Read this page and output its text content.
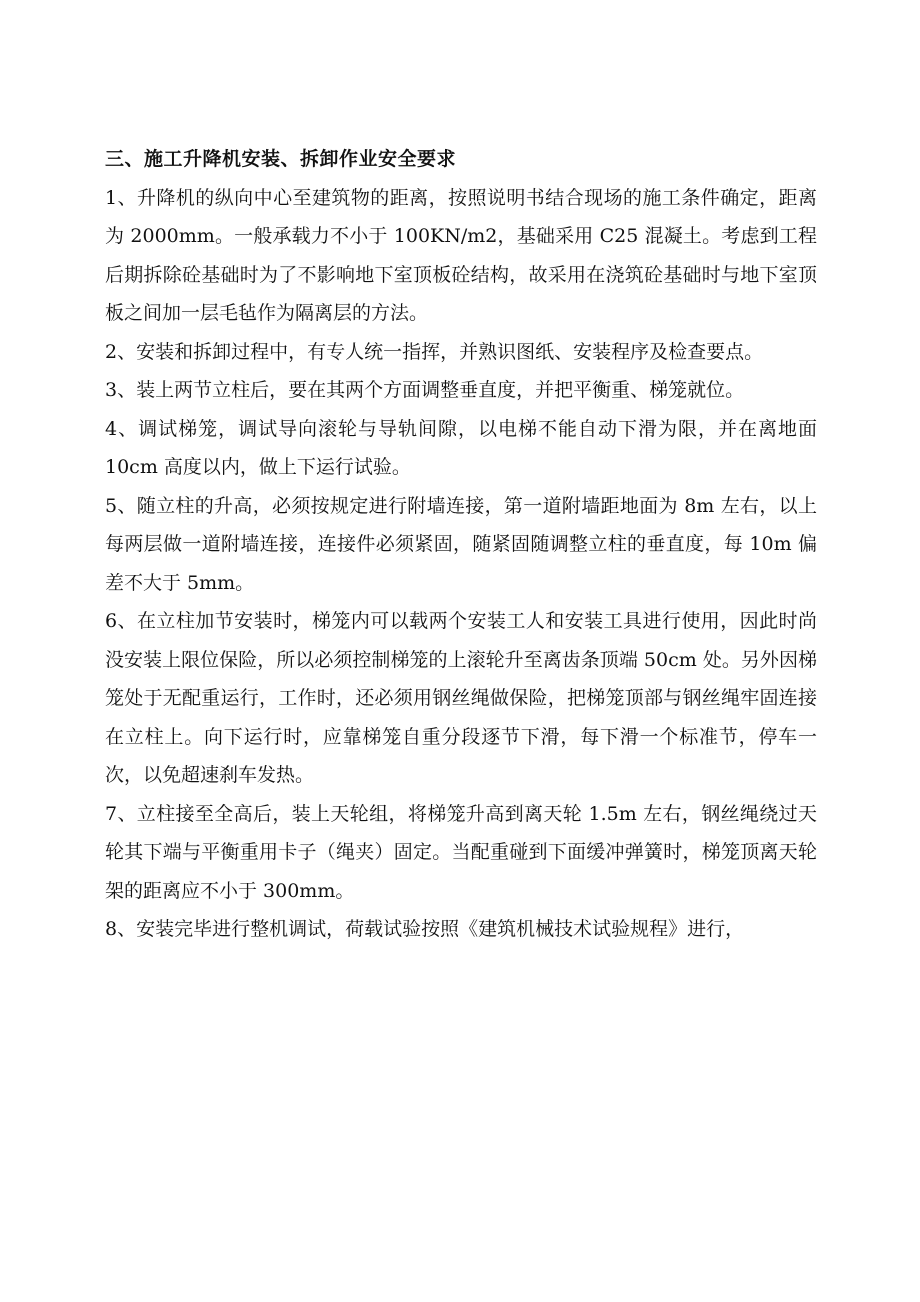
三、施工升降机安装、拆卸作业安全要求

1、升降机的纵向中心至建筑物的距离，按照说明书结合现场的施工条件确定，距离为 2000mm。一般承载力不小于 100KN/m2，基础采用 C25 混凝土。考虑到工程后期拆除砼基础时为了不影响地下室顶板砼结构，故采用在浇筑砼基础时与地下室顶板之间加一层毛毡作为隔离层的方法。

2、安装和拆卸过程中，有专人统一指挥，并熟识图纸、安装程序及检查要点。

3、装上两节立柱后，要在其两个方面调整垂直度，并把平衡重、梯笼就位。

4、调试梯笼，调试导向滚轮与导轨间隙，以电梯不能自动下滑为限，并在离地面 10cm 高度以内，做上下运行试验。

5、随立柱的升高，必须按规定进行附墙连接，第一道附墙距地面为 8m 左右，以上每两层做一道附墙连接，连接件必须紧固，随紧固随调整立柱的垂直度，每 10m 偏差不大于 5mm。

6、在立柱加节安装时，梯笼内可以载两个安装工人和安装工具进行使用，因此时尚没安装上限位保险，所以必须控制梯笼的上滚轮升至离齿条顶端 50cm 处。另外因梯笼处于无配重运行，工作时，还必须用钢丝绳做保险，把梯笼顶部与钢丝绳牢固连接在立柱上。向下运行时，应靠梯笼自重分段逐节下滑，每下滑一个标准节，停车一次，以免超速刹车发热。

7、立柱接至全高后，装上天轮组，将梯笼升高到离天轮 1.5m 左右，钢丝绳绕过天轮其下端与平衡重用卡子（绳夹）固定。当配重碰到下面缓冲弹簧时，梯笼顶离天轮架的距离应不小于 300mm。

8、安装完毕进行整机调试，荷载试验按照《建筑机械技术试验规程》进行，
